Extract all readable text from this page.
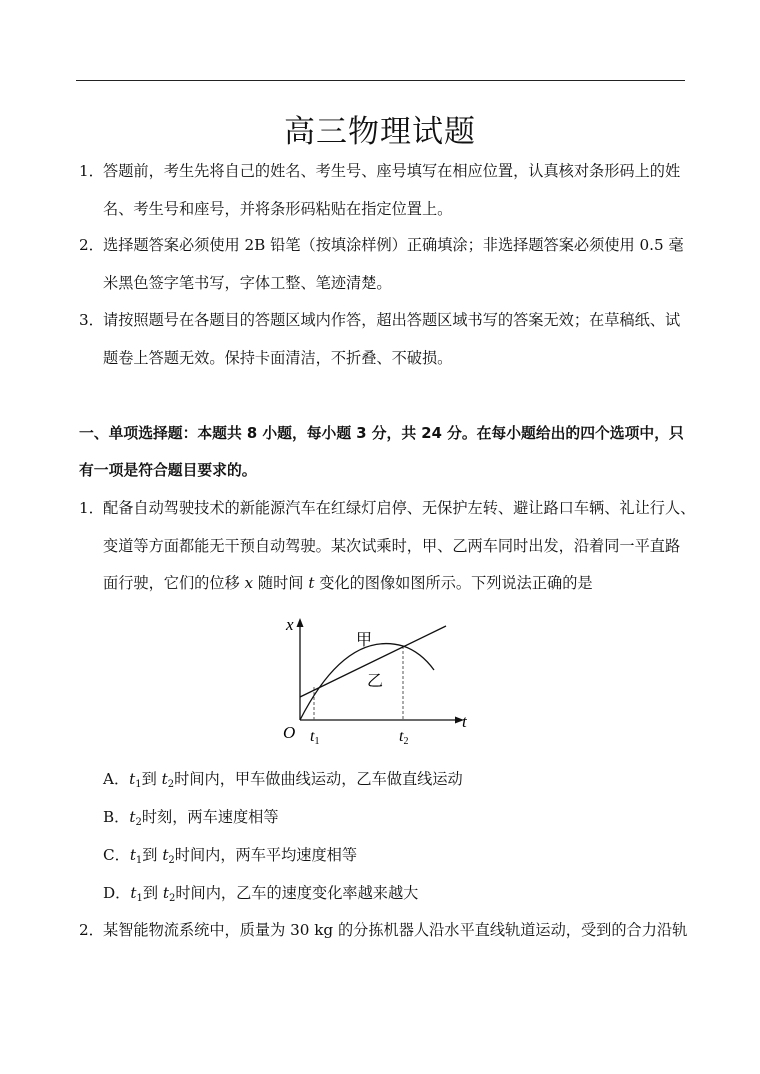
高三物理试题
1． 答题前，考生先将自己的姓名、考生号、座号填写在相应位置，认真核对条形码上的姓
名、考生号和座号，并将条形码粘贴在指定位置上。
2． 选择题答案必须使用 2B 铅笔（按填涂样例）正确填涂；非选择题答案必须使用 0.5 毫
米黑色签字笔书写，字体工整、笔迹清楚。
3． 请按照题号在各题目的答题区域内作答，超出答题区域书写的答案无效；在草稿纸、试
题卷上答题无效。保持卡面清洁，不折叠、不破损。
一、单项选择题：本题共 8 小题，每小题 3 分，共 24 分。在每小题给出的四个选项中，只
有一项是符合题目要求的。
1． 配备自动驾驶技术的新能源汽车在红绿灯启停、无保护左转、避让路口车辆、礼让行人、
变道等方面都能无干预自动驾驶。某次试乘时，甲、乙两车同时出发，沿着同一平直路
面行驶，它们的位移 x 随时间 t 变化的图像如图所示。下列说法正确的是
x
t
O t1	t2
甲
乙
A．$t_1$到 $t_2$时间内，甲车做曲线运动，乙车做直线运动
B．$t_2$时刻，两车速度相等
C．$t_1$到 $t_2$时间内，两车平均速度相等
D．$t_1$到 $t_2$时间内，乙车的速度变化率越来越大
2． 某智能物流系统中，质量为 30 kg 的分拣机器人沿水平直线轨道运动，受到的合力沿轨
